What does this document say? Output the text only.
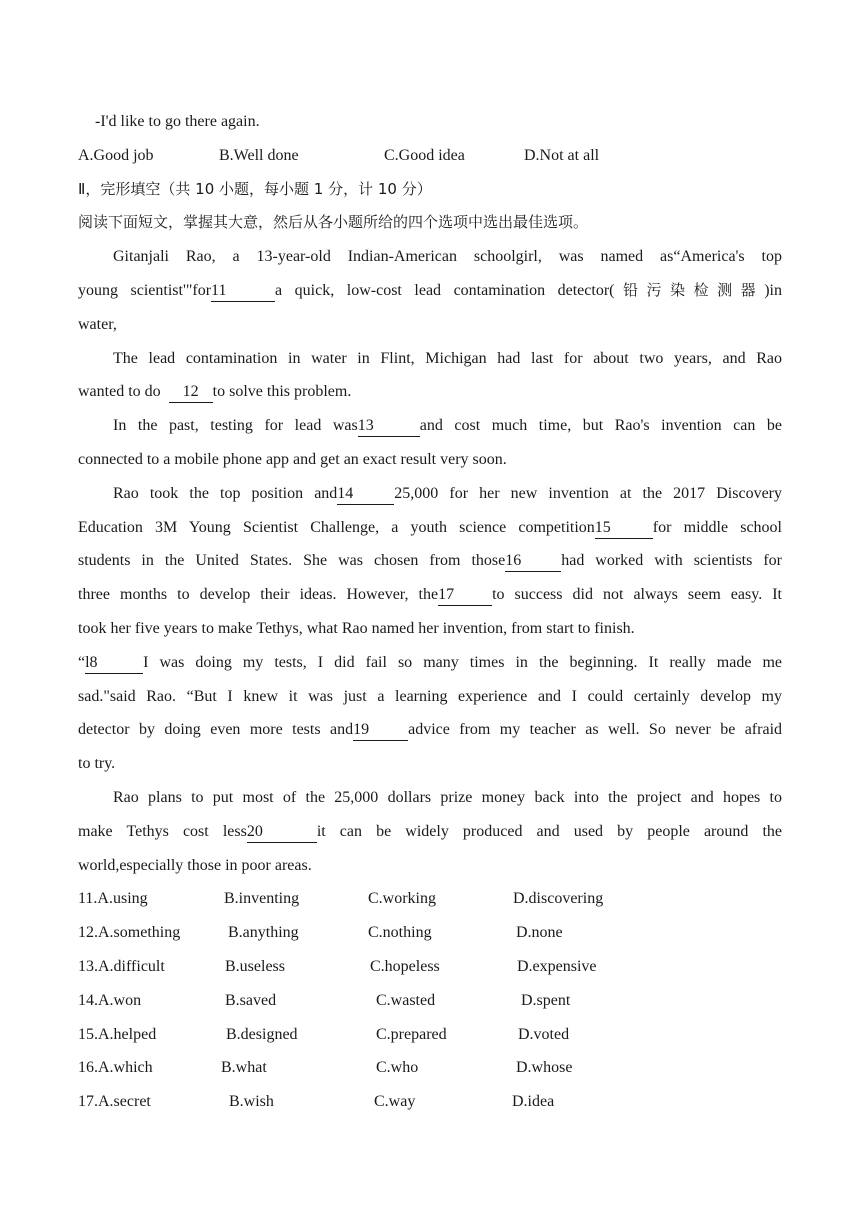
-I'd like to go there again.
A.Good job	B.Well done	C.Good idea	D.Not at all
Ⅱ，完形填空（共 10 小题，每小题 1 分，计 10 分）
阅读下面短文，掌握其大意，然后从各小题所给的四个选项中选出最佳选项。
Gitanjali Rao, a 13-year-old Indian-American schoolgirl, was named as“America's top
young scientist'"for11	a quick, low-cost lead contamination detector(铅污染检测器)in
water,
The lead contamination in water in Flint, Michigan had last for about two years, and Rao
wanted to do 12 to solve this problem.
In the past, testing for lead was13	and cost much time, but Rao's invention can be
connected to a mobile phone app and get an exact result very soon.
Rao took the top position and14	25,000 for her new invention at the 2017 Discovery
Education 3M Young Scientist Challenge, a youth science competition15	for middle school
students in the United States. She was chosen from those16	had worked with scientists for
three months to develop their ideas. However, the17 to success did not always seem easy. It
took her five years to make Tethys, what Rao named her invention, from start to finish.
“l8	I was doing my tests, I did fail so many times in the beginning. It really made me
sad."said Rao. “But I knew it was just a learning experience and I could certainly develop my
detector by doing even more tests and19 advice from my teacher as well. So never be afraid
to try.
Rao plans to put most of the 25,000 dollars prize money back into the project and hopes to
make Tethys cost less20	it can be widely produced and used by people around the
world,especially those in poor areas.
11.A.using	B.inventing	C.working	D.discovering
12.A.something	B.anything	C.nothing	D.none
13.A.difficult	B.useless	C.hopeless	D.expensive
14.A.won	B.saved	C.wasted	D.spent
15.A.helped	B.designed	C.prepared	D.voted
16.A.which	B.what	C.who	D.whose
17.A.secret	B.wish	C.way	D.idea
